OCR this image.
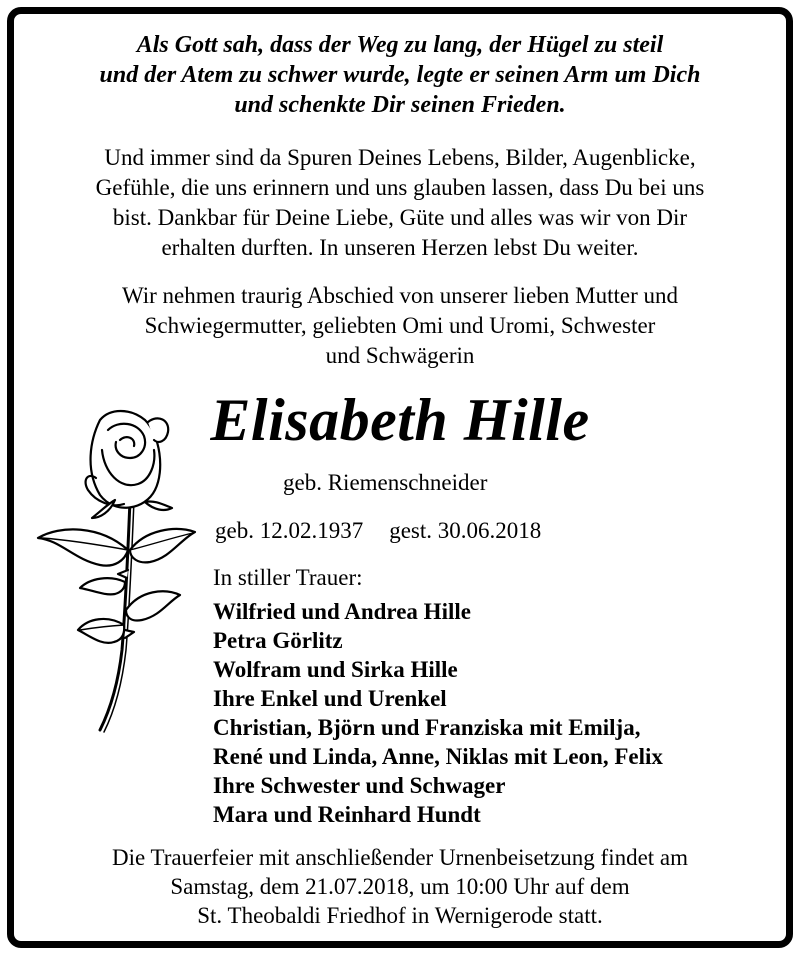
Als Gott sah, dass der Weg zu lang, der Hügel zu steil
und der Atem zu schwer wurde, legte er seinen Arm um Dich
und schenkte Dir seinen Frieden.
Und immer sind da Spuren Deines Lebens, Bilder, Augenblicke,
Gefühle, die uns erinnern und uns glauben lassen, dass Du bei uns
bist. Dankbar für Deine Liebe, Güte und alles was wir von Dir
erhalten durften. In unseren Herzen lebst Du weiter.
Wir nehmen traurig Abschied von unserer lieben Mutter und
Schwiegermutter, geliebten Omi und Uromi, Schwester
und Schwägerin
Elisabeth Hille
geb. Riemenschneider
geb. 12.02.1937 gest. 30.06.2018
In stiller Trauer:
Wilfried und Andrea Hille
Petra Görlitz
Wolfram und Sirka Hille
Ihre Enkel und Urenkel
Christian, Björn und Franziska mit Emilja,
René und Linda, Anne, Niklas mit Leon, Felix
Ihre Schwester und Schwager
Mara und Reinhard Hundt
Die Trauerfeier mit anschließender Urnenbeisetzung findet am
Samstag, dem 21.07.2018, um 10:00 Uhr auf dem
St. Theobaldi Friedhof in Wernigerode statt.
